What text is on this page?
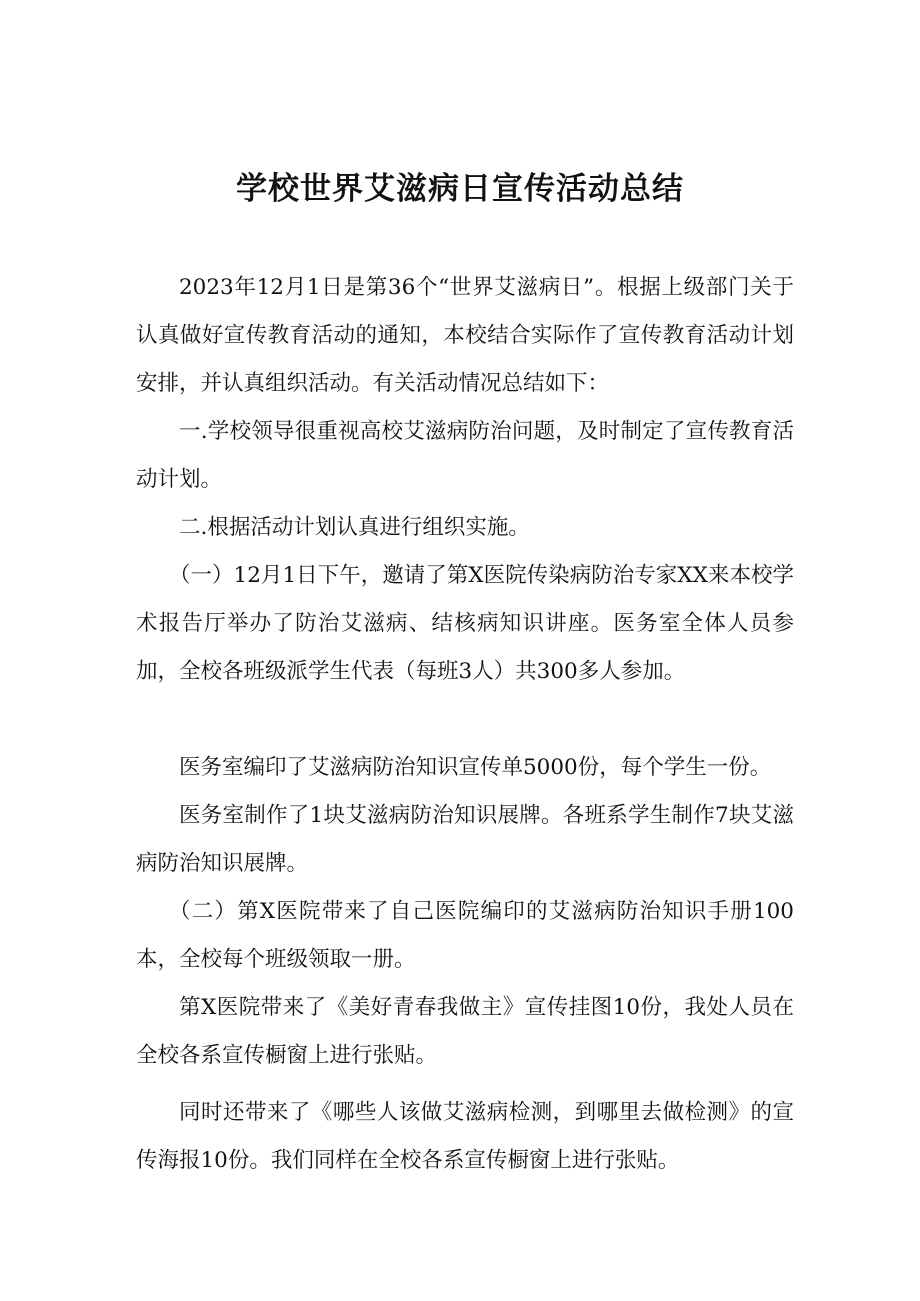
学校世界艾滋病日宣传活动总结

2023年12月1日是第36个“世界艾滋病日”。根据上级部门关于认真做好宣传教育活动的通知，本校结合实际作了宣传教育活动计划安排，并认真组织活动。有关活动情况总结如下：

一.学校领导很重视高校艾滋病防治问题，及时制定了宣传教育活动计划。

二.根据活动计划认真进行组织实施。

（一）12月1日下午，邀请了第X医院传染病防治专家XX来本校学术报告厅举办了防治艾滋病、结核病知识讲座。医务室全体人员参加，全校各班级派学生代表（每班3人）共300多人参加。

医务室编印了艾滋病防治知识宣传单5000份，每个学生一份。

医务室制作了1块艾滋病防治知识展牌。各班系学生制作7块艾滋病防治知识展牌。

（二）第X医院带来了自己医院编印的艾滋病防治知识手册100本，全校每个班级领取一册。

第X医院带来了《美好青春我做主》宣传挂图10份，我处人员在全校各系宣传橱窗上进行张贴。

同时还带来了《哪些人该做艾滋病检测，到哪里去做检测》的宣传海报10份。我们同样在全校各系宣传橱窗上进行张贴。
